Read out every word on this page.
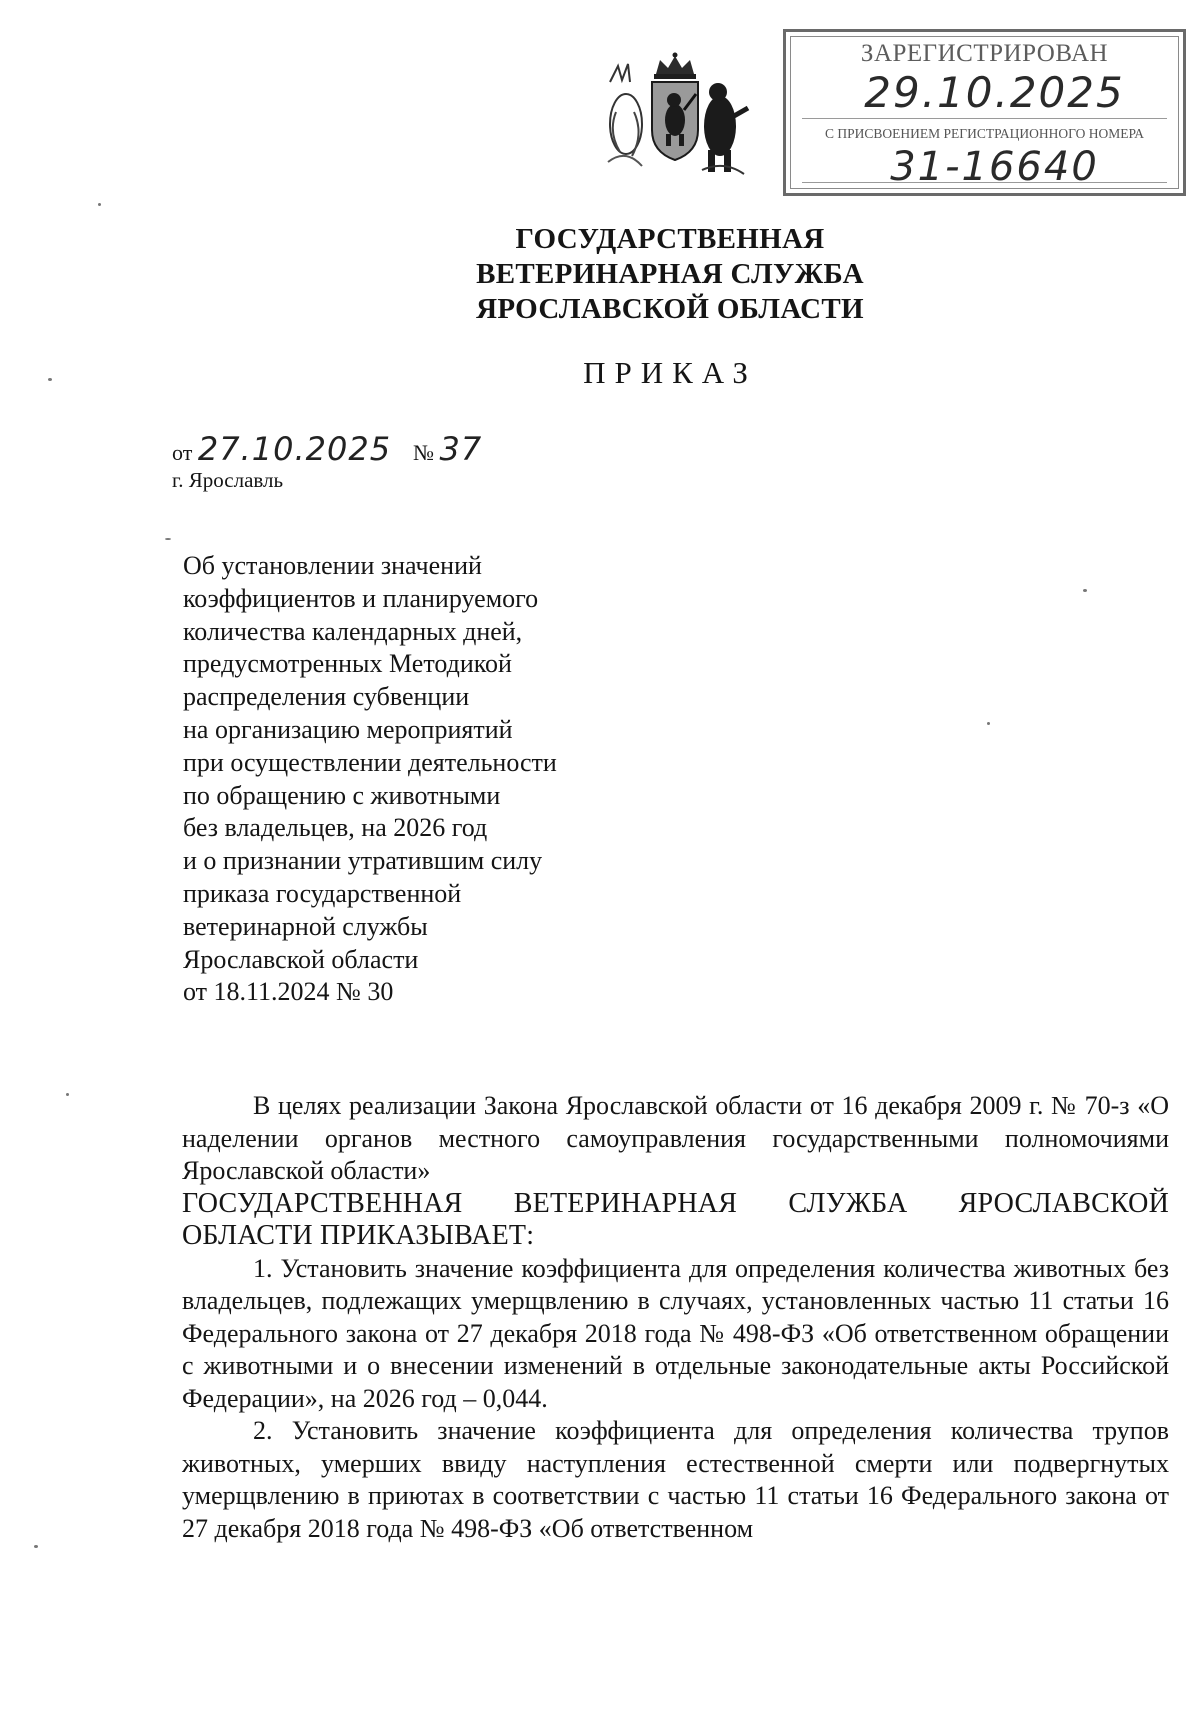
ЗАРЕГИСТРИРОВАН
29.10.2025
С ПРИСВОЕНИЕМ РЕГИСТРАЦИОННОГО НОМЕРА
31-16640
ГОСУДАРСТВЕННАЯ
ВЕТЕРИНАРНАЯ СЛУЖБА
ЯРОСЛАВСКОЙ ОБЛАСТИ
ПРИКАЗ
от 27.10.2025 № 37
г. Ярославль
Об установлении значений
коэффициентов и планируемого
количества календарных дней,
предусмотренных Методикой
распределения субвенции
на организацию мероприятий
при осуществлении деятельности
по обращению с животными
без владельцев, на 2026 год
и о признании утратившим силу
приказа государственной
ветеринарной службы
Ярославской области
от 18.11.2024 № 30

В целях реализации Закона Ярославской области от 16 декабря 2009 г. № 70-з «О наделении органов местного самоуправления государственными полномочиями Ярославской области»

ГОСУДАРСТВЕННАЯ ВЕТЕРИНАРНАЯ СЛУЖБА ЯРОСЛАВСКОЙ ОБЛАСТИ ПРИКАЗЫВАЕТ:

1. Установить значение коэффициента для определения количества животных без владельцев, подлежащих умерщвлению в случаях, установленных частью 11 статьи 16 Федерального закона от 27 декабря 2018 года № 498-ФЗ «Об ответственном обращении с животными и о внесении изменений в отдельные законодательные акты Российской Федерации», на 2026 год – 0,044.

2. Установить значение коэффициента для определения количества трупов животных, умерших ввиду наступления естественной смерти или подвергнутых умерщвлению в приютах в соответствии с частью 11 статьи 16 Федерального закона от 27 декабря 2018 года № 498-ФЗ «Об ответственном
